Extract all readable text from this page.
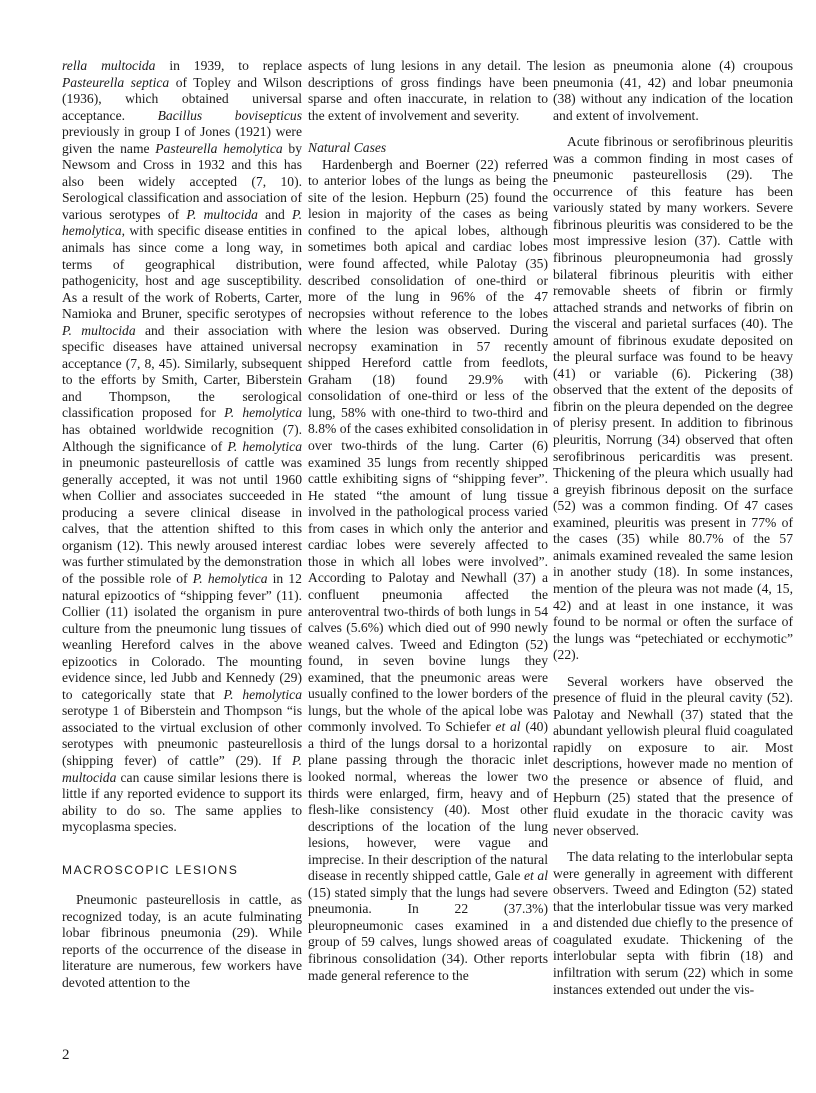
rella multocida in 1939, to replace Pasteurella septica of Topley and Wilson (1936), which obtained universal acceptance. Bacillus bovisepticus previously in group I of Jones (1921) were given the name Pasteurella hemolytica by Newsom and Cross in 1932 and this has also been widely accepted (7, 10). Serological classification and association of various serotypes of P. multocida and P. hemolytica, with specific disease entities in animals has since come a long way, in terms of geographical distribution, pathogenicity, host and age susceptibility. As a result of the work of Roberts, Carter, Namioka and Bruner, specific serotypes of P. multocida and their association with specific diseases have attained universal acceptance (7, 8, 45). Similarly, subsequent to the efforts by Smith, Carter, Biberstein and Thompson, the serological classification proposed for P. hemolytica has obtained worldwide recognition (7). Although the significance of P. hemolytica in pneumonic pasteurellosis of cattle was generally accepted, it was not until 1960 when Collier and associates succeeded in producing a severe clinical disease in calves, that the attention shifted to this organism (12). This newly aroused interest was further stimulated by the demonstration of the possible role of P. hemolytica in 12 natural epizootics of “shipping fever” (11). Collier (11) isolated the organism in pure culture from the pneumonic lung tissues of weanling Hereford calves in the above epizootics in Colorado. The mounting evidence since, led Jubb and Kennedy (29) to categorically state that P. hemolytica serotype 1 of Biberstein and Thompson “is associated to the virtual exclusion of other serotypes with pneumonic pasteurellosis (shipping fever) of cattle” (29). If P. multocida can cause similar lesions there is little if any reported evidence to support its ability to do so. The same applies to mycoplasma species.

MACROSCOPIC LESIONS

Pneumonic pasteurellosis in cattle, as recognized today, is an acute fulminating lobar fibrinous pneumonia (29). While reports of the occurrence of the disease in literature are numerous, few workers have devoted attention to the

aspects of lung lesions in any detail. The descriptions of gross findings have been sparse and often inaccurate, in relation to the extent of involvement and severity.

Natural Cases

Hardenbergh and Boerner (22) referred to anterior lobes of the lungs as being the site of the lesion. Hepburn (25) found the lesion in majority of the cases as being confined to the apical lobes, although sometimes both apical and cardiac lobes were found affected, while Palotay (35) described consolidation of one-third or more of the lung in 96% of the 47 necropsies without reference to the lobes where the lesion was observed. During necropsy examination in 57 recently shipped Hereford cattle from feedlots, Graham (18) found 29.9% with consolidation of one-third or less of the lung, 58% with one-third to two-third and 8.8% of the cases exhibited consolidation in over two-thirds of the lung. Carter (6) examined 35 lungs from recently shipped cattle exhibiting signs of “shipping fever”. He stated “the amount of lung tissue involved in the pathological process varied from cases in which only the anterior and cardiac lobes were severely affected to those in which all lobes were involved”. According to Palotay and Newhall (37) a confluent pneumonia affected the anteroventral two-thirds of both lungs in 54 calves (5.6%) which died out of 990 newly weaned calves. Tweed and Edington (52) found, in seven bovine lungs they examined, that the pneumonic areas were usually confined to the lower borders of the lungs, but the whole of the apical lobe was commonly involved. To Schiefer et al (40) a third of the lungs dorsal to a horizontal plane passing through the thoracic inlet looked normal, whereas the lower two thirds were enlarged, firm, heavy and of flesh-like consistency (40). Most other descriptions of the location of the lung lesions, however, were vague and imprecise. In their description of the natural disease in recently shipped cattle, Gale et al (15) stated simply that the lungs had severe pneumonia. In 22 (37.3%) pleuropneumonic cases examined in a group of 59 calves, lungs showed areas of fibrinous consolidation (34). Other reports made general reference to the

lesion as pneumonia alone (4) croupous pneumonia (41, 42) and lobar pneumonia (38) without any indication of the location and extent of involvement.

Acute fibrinous or serofibrinous pleuritis was a common finding in most cases of pneumonic pasteurellosis (29). The occurrence of this feature has been variously stated by many workers. Severe fibrinous pleuritis was considered to be the most impressive lesion (37). Cattle with fibrinous pleuropneumonia had grossly bilateral fibrinous pleuritis with either removable sheets of fibrin or firmly attached strands and networks of fibrin on the visceral and parietal surfaces (40). The amount of fibrinous exudate deposited on the pleural surface was found to be heavy (41) or variable (6). Pickering (38) observed that the extent of the deposits of fibrin on the pleura depended on the degree of plerisy present. In addition to fibrinous pleuritis, Norrung (34) observed that often serofibrinous pericarditis was present. Thickening of the pleura which usually had a greyish fibrinous deposit on the surface (52) was a common finding. Of 47 cases examined, pleuritis was present in 77% of the cases (35) while 80.7% of the 57 animals examined revealed the same lesion in another study (18). In some instances, mention of the pleura was not made (4, 15, 42) and at least in one instance, it was found to be normal or often the surface of the lungs was “petechiated or ecchymotic” (22).

Several workers have observed the presence of fluid in the pleural cavity (52). Palotay and Newhall (37) stated that the abundant yellowish pleural fluid coagulated rapidly on exposure to air. Most descriptions, however made no mention of the presence or absence of fluid, and Hepburn (25) stated that the presence of fluid exudate in the thoracic cavity was never observed.

The data relating to the interlobular septa were generally in agreement with different observers. Tweed and Edington (52) stated that the interlobular tissue was very marked and distended due chiefly to the presence of coagulated exudate. Thickening of the interlobular septa with fibrin (18) and infiltration with serum (22) which in some instances extended out under the vis-

2
